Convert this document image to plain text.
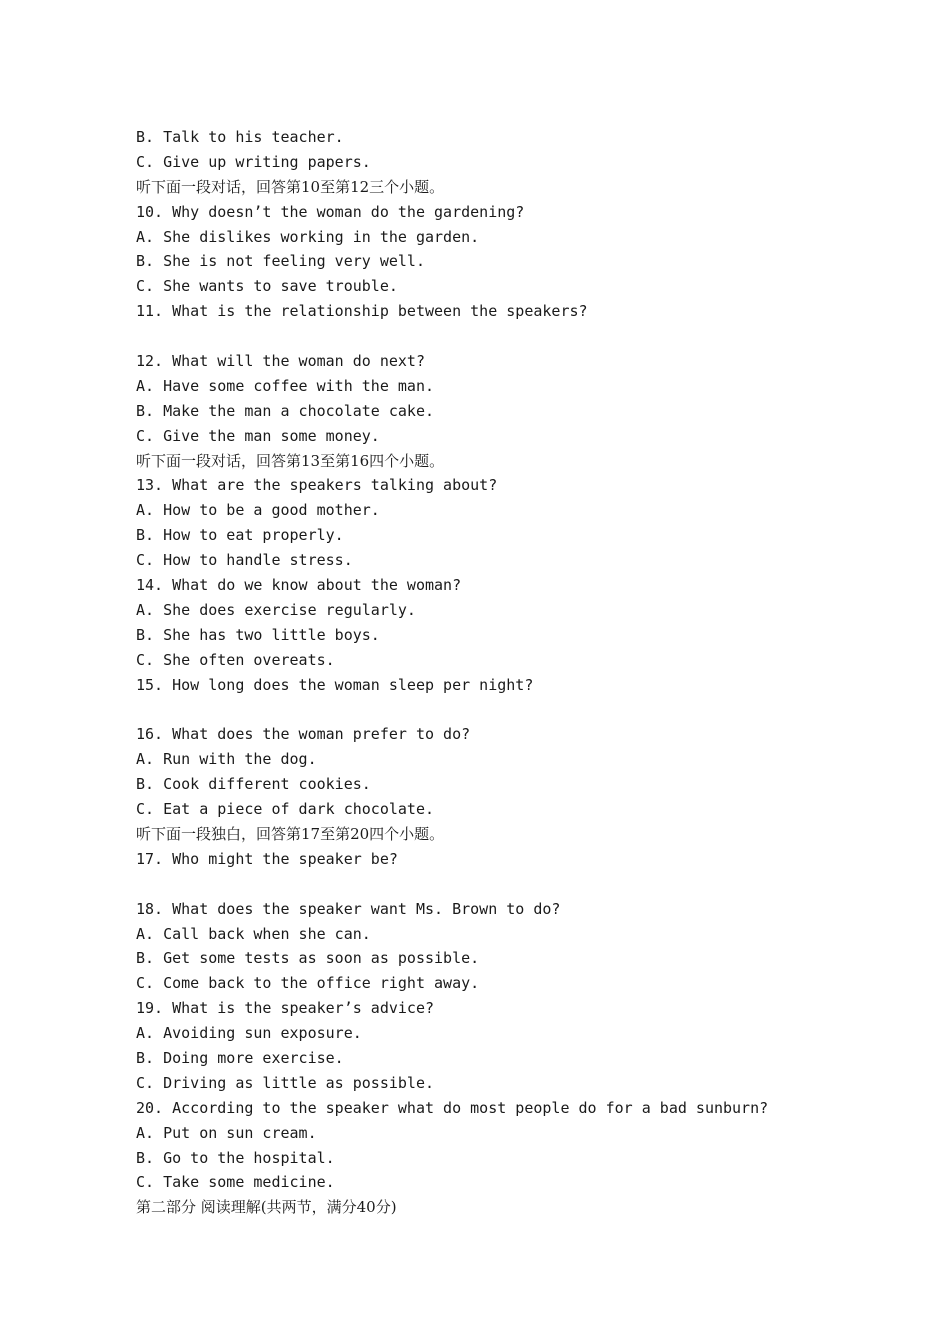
B. Talk to his teacher.
C. Give up writing papers.
听下面一段对话，回答第10至第12三个小题。
10. Why doesn’t the woman do the gardening?
A. She dislikes working in the garden.
B. She is not feeling very well.
C. She wants to save trouble.
11. What is the relationship between the speakers?

12. What will the woman do next?
A. Have some coffee with the man.
B. Make the man a chocolate cake.
C. Give the man some money.
听下面一段对话，回答第13至第16四个小题。
13. What are the speakers talking about?
A. How to be a good mother.
B. How to eat properly.
C. How to handle stress.
14. What do we know about the woman?
A. She does exercise regularly.
B. She has two little boys.
C. She often overeats.
15. How long does the woman sleep per night?

16. What does the woman prefer to do?
A. Run with the dog.
B. Cook different cookies.
C. Eat a piece of dark chocolate.
听下面一段独白，回答第17至第20四个小题。
17. Who might the speaker be?

18. What does the speaker want Ms. Brown to do?
A. Call back when she can.
B. Get some tests as soon as possible.
C. Come back to the office right away.
19. What is the speaker’s advice?
A. Avoiding sun exposure.
B. Doing more exercise.
C. Driving as little as possible.
20. According to the speaker what do most people do for a bad sunburn?
A. Put on sun cream.
B. Go to the hospital.
C. Take some medicine.
第二部分 阅读理解(共两节，满分40分)
